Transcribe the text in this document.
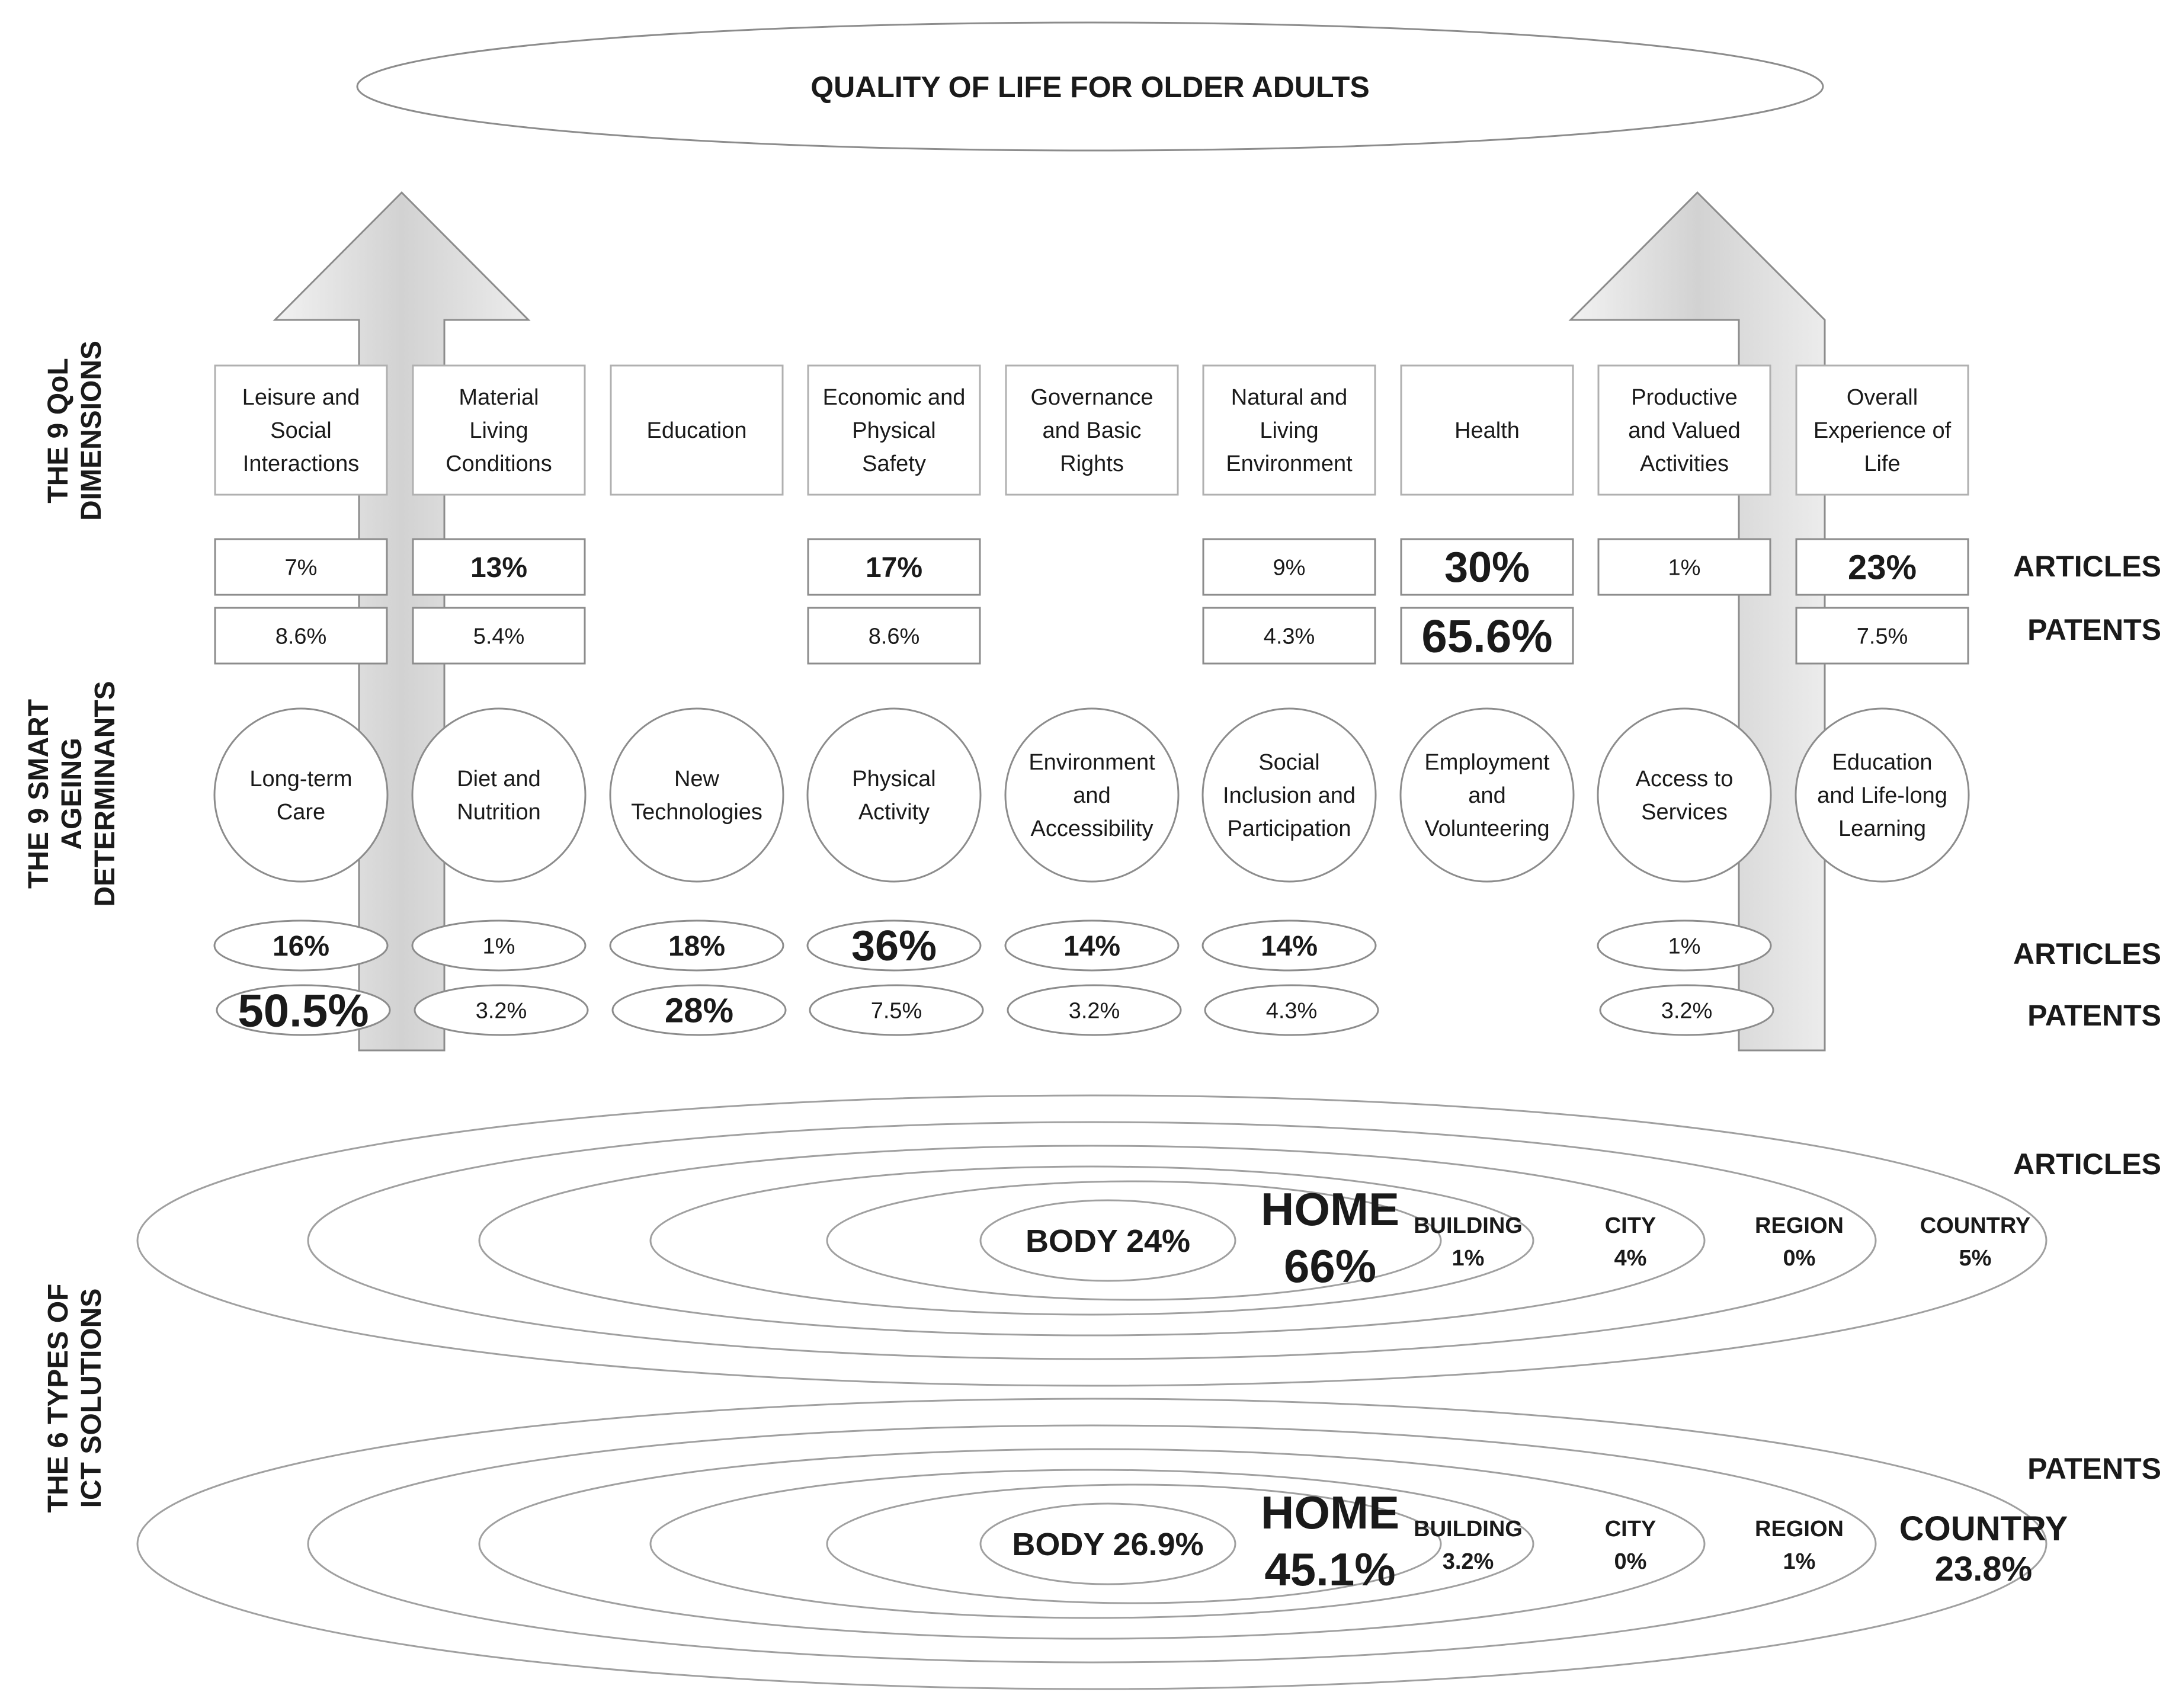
QUALITY OF LIFE FOR OLDER ADULTS
THE 9 QoL DIMENSIONS
THE 9 SMART AGEING DETERMINANTS
THE 6 TYPES OF ICT SOLUTIONS
ARTICLES
PATENTS
ARTICLES
PATENTS
ARTICLES
PATENTS
Leisure and
Social
Interactions
7%
8.6%
Material
Living
Conditions
13%
5.4%
Education
Economic and
Physical
Safety
17%
8.6%
Governance
and Basic
Rights
Natural and
Living
Environment
9%
4.3%
Health
30%
65.6%
Productive
and Valued
Activities
1%
Overall
Experience of
Life
23%
7.5%
Long-term
Care
16%
50.5%
Diet and
Nutrition
1%
3.2%
New
Technologies
18%
28%
Physical
Activity
36%
7.5%
Environment
and
Accessibility
14%
3.2%
Social
Inclusion and
Participation
14%
4.3%
Employment
and
Volunteering
Access to
Services
1%
3.2%
Education
and Life-long
Learning
BODY 24%
HOME
66%
BUILDING
1%
CITY
4%
REGION
0%
COUNTRY
5%
BODY 26.9%
HOME
45.1%
BUILDING
3.2%
CITY
0%
REGION
1%
COUNTRY
23.8%
